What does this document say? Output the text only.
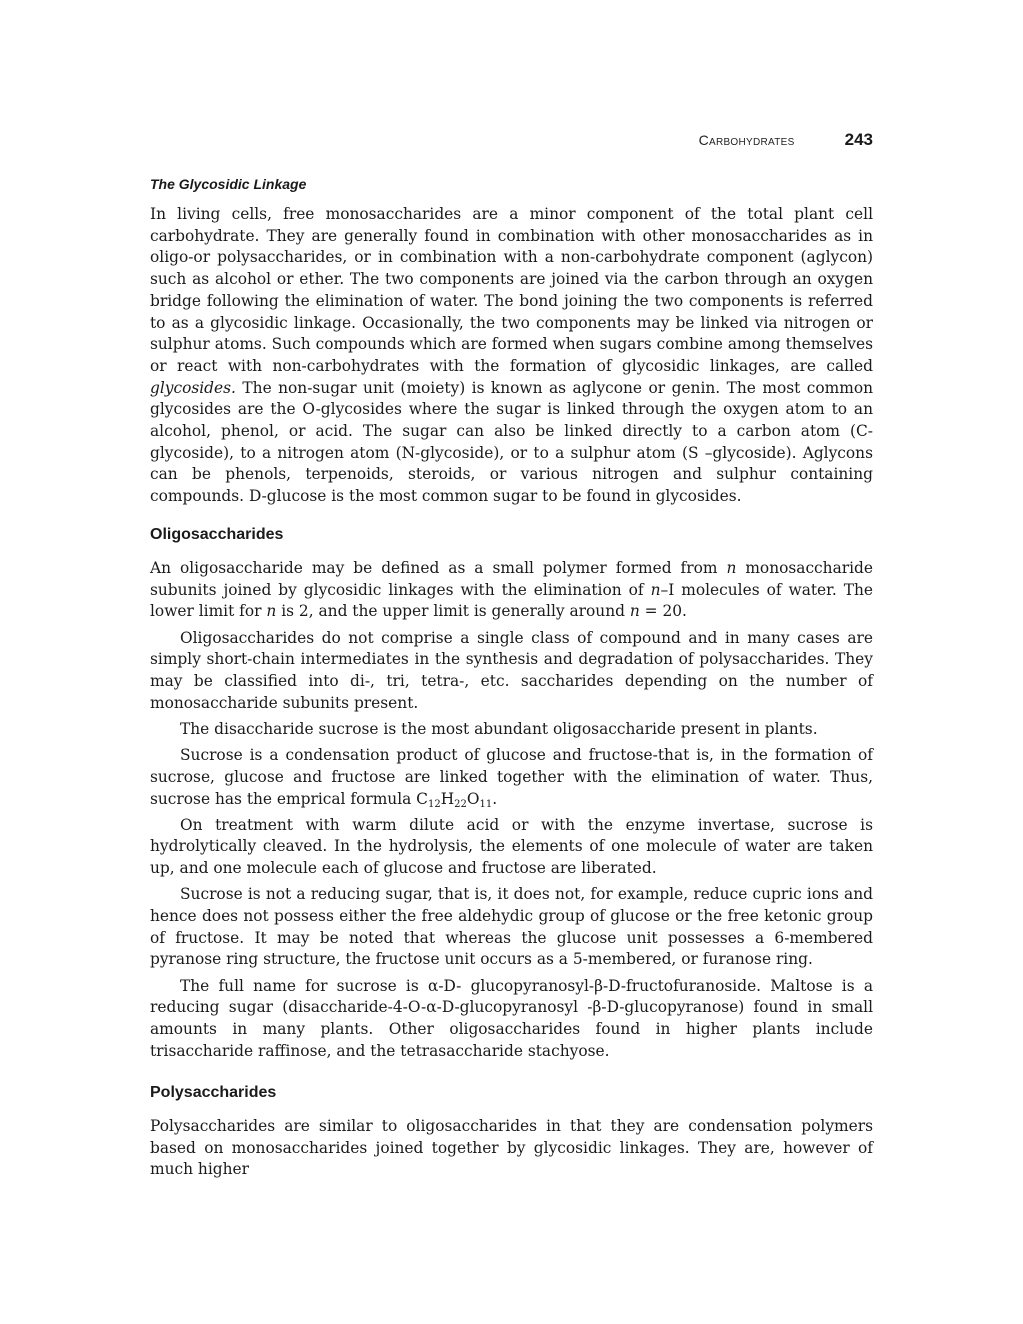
Carbohydrates	243
The Glycosidic Linkage

In living cells, free monosaccharides are a minor component of the total plant cell carbohydrate. They are generally found in combination with other monosaccharides as in oligo-or polysaccharides, or in combination with a non-carbohydrate component (aglycon) such as alcohol or ether. The two components are joined via the carbon through an oxygen bridge following the elimination of water. The bond joining the two components is referred to as a glycosidic linkage. Occasionally, the two components may be linked via nitrogen or sulphur atoms. Such compounds which are formed when sugars combine among themselves or react with non-carbohydrates with the formation of glycosidic linkages, are called glycosides. The non-sugar unit (moiety) is known as aglycone or genin. The most common glycosides are the O-glycosides where the sugar is linked through the oxygen atom to an alcohol, phenol, or acid. The sugar can also be linked directly to a carbon atom (C-glycoside), to a nitrogen atom (N-glycoside), or to a sulphur atom (S –glycoside). Aglycons can be phenols, terpenoids, steroids, or various nitrogen and sulphur containing compounds. D-glucose is the most common sugar to be found in glycosides.

Oligosaccharides

An oligosaccharide may be defined as a small polymer formed from n monosaccharide subunits joined by glycosidic linkages with the elimination of n–I molecules of water. The lower limit for n is 2, and the upper limit is generally around n = 20.

Oligosaccharides do not comprise a single class of compound and in many cases are simply short-chain intermediates in the synthesis and degradation of polysaccharides. They may be classified into di-, tri, tetra-, etc. saccharides depending on the number of monosaccharide subunits present.

The disaccharide sucrose is the most abundant oligosaccharide present in plants.

Sucrose is a condensation product of glucose and fructose-that is, in the formation of sucrose, glucose and fructose are linked together with the elimination of water. Thus, sucrose has the emprical formula $C_{12}H_{22}O_{11}$.

On treatment with warm dilute acid or with the enzyme invertase, sucrose is hydrolytically cleaved. In the hydrolysis, the elements of one molecule of water are taken up, and one molecule each of glucose and fructose are liberated.

Sucrose is not a reducing sugar, that is, it does not, for example, reduce cupric ions and hence does not possess either the free aldehydic group of glucose or the free ketonic group of fructose. It may be noted that whereas the glucose unit possesses a 6-membered pyranose ring structure, the fructose unit occurs as a 5-membered, or furanose ring.

The full name for sucrose is α-D- glucopyranosyl-β-D-fructofuranoside. Maltose is a reducing sugar (disaccharide-4-O-α-D-glucopyranosyl -β-D-glucopyranose) found in small amounts in many plants. Other oligosaccharides found in higher plants include trisaccharide raffinose, and the tetrasaccharide stachyose.

Polysaccharides

Polysaccharides are similar to oligosaccharides in that they are condensation polymers based on monosaccharides joined together by glycosidic linkages. They are, however of much higher
